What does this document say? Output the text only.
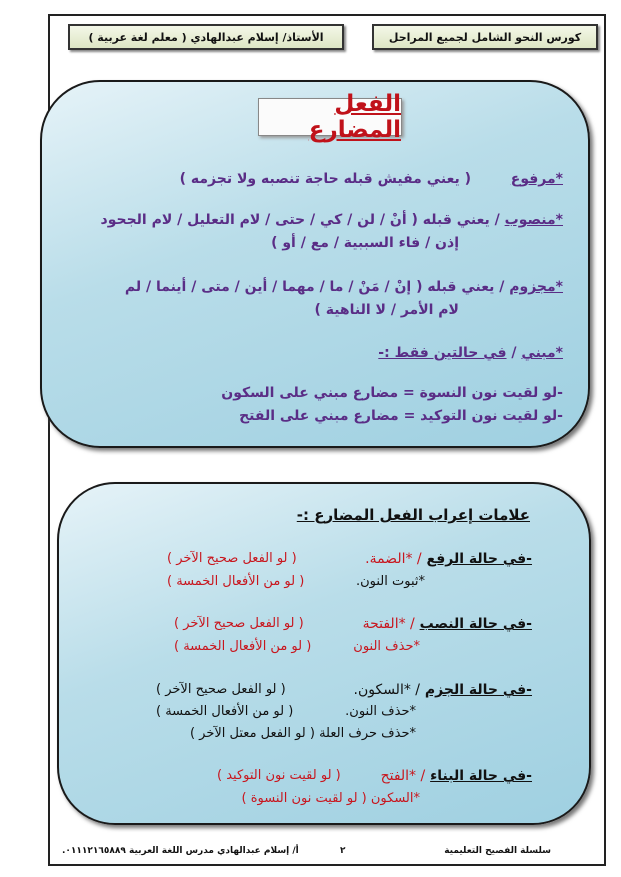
الأستاذ/ إسلام عبدالهادي ( معلم لغة عربية )	كورس النحو الشامل لجميع المراحل
الفعل المضارع
*مرفوع  ( يعني مفيش قبله حاجة تنصبه ولا تجزمه )
*منصوب / يعني قبله ( أنْ / لن / كي / حتى / لام التعليل / لام الجحود
إذن / فاء السببية / مع / أو )
*مجزوم / يعني قبله ( إنْ / مَنْ / ما / مهما / أين / متى / أينما / لم
لام الأمر / لا الناهية )
*مبني / في حالتين فقط :-
-لو لقيت نون النسوة = مضارع مبني على السكون
-لو لقيت نون التوكيد = مضارع مبني على الفتح
علامات إعراب الفعل المضارع :-
-في حالة الرفع / *الضمة.
( لو الفعل صحيح الآخر )
*ثبوت النون.
( لو من الأفعال الخمسة )
-في حالة النصب / *الفتحة
( لو الفعل صحيح الآخر )
*حذف النون
( لو من الأفعال الخمسة )
-في حالة الجزم / *السكون.
( لو الفعل صحيح الآخر )
*حذف النون.
( لو من الأفعال الخمسة )
*حذف حرف العلة ( لو الفعل معتل الآخر )
-في حالة البناء / *الفتح
( لو لقيت نون التوكيد )
*السكون ( لو لقيت نون النسوة )
سلسلة الفصيح التعليمية
٢
أ/ إسلام عبدالهادي مدرس اللغة العربية ٠١١١٢١٦٥٨٨٩.
